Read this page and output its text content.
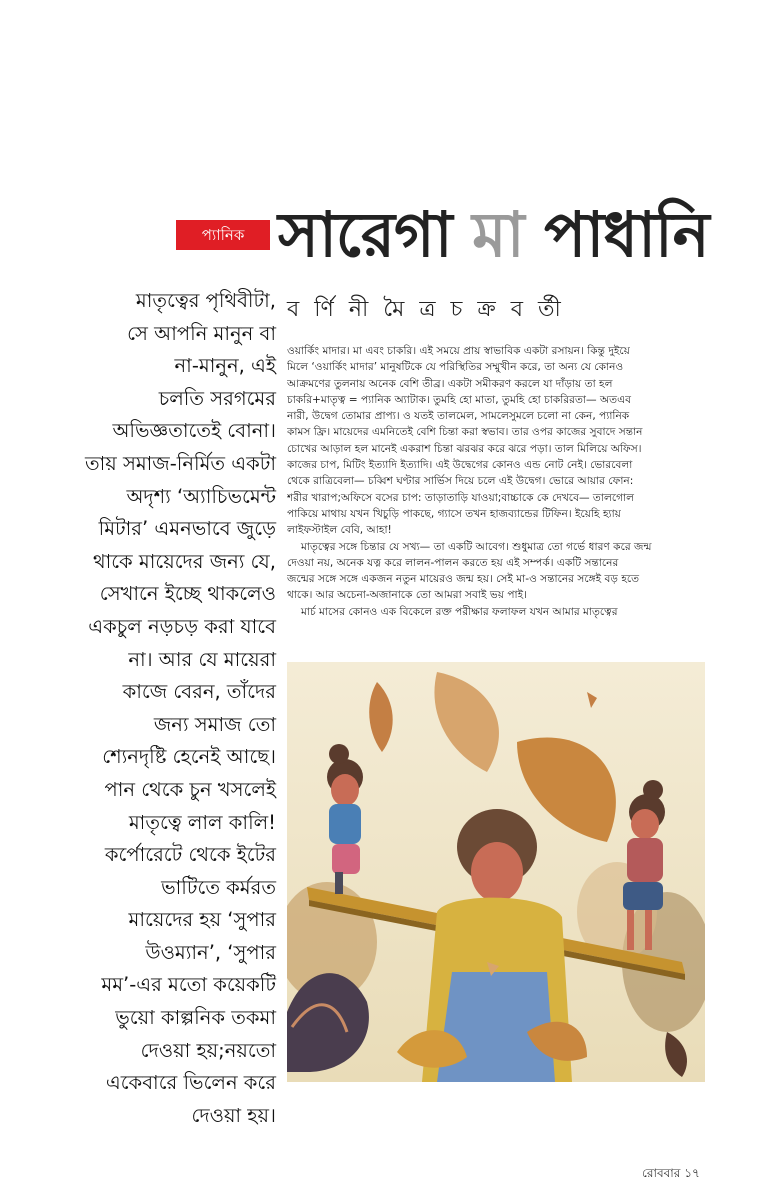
প্যানিক সারেগা মা পাধানি
ব র্ণি নী মৈ ত্র চ ক্র ব র্তী
মাতৃত্বের পৃথিবীটা,
সে আপনি মানুন বা
না-মানুন, এই
চলতি সরগমের
অভিজ্ঞতাতেই বোনা।
তায় সমাজ-নির্মিত একটা
অদৃশ্য ‘অ্যাচিভমেন্ট
মিটার’ এমনভাবে জুড়ে
থাকে মায়েদের জন্য যে,
সেখানে ইচ্ছে থাকলেও
একচুল নড়চড় করা যাবে
না। আর যে মায়েরা
কাজে বেরন, তাঁদের
জন্য সমাজ তো
শ্যেনদৃষ্টি হেনেই আছে।
পান থেকে চুন খসলেই
মাতৃত্বে লাল কালি!
কর্পোরেটে থেকে ইটের
ভাটিতে কর্মরত
মায়েদের হয় ‘সুপার
উওম্যান’, ‘সুপার
মম’-এর মতো কয়েকটি
ভুয়ো কাল্পনিক তকমা
দেওয়া হয়;নয়তো
একেবারে ভিলেন করে
দেওয়া হয়।
ওয়ার্কিং মাদার। মা এবং চাকরি। এই সময়ে প্রায় স্বাভাবিক একটা রসায়ন। কিন্তু দুইয়ে
মিলে ‘ওয়ার্কিং মাদার’ মানুষটিকে যে পরিস্থিতির সম্মুখীন করে, তা অন্য যে কোনও
আক্রমণের তুলনায় অনেক বেশি তীব্র। একটা সমীকরণ করলে যা দাঁড়ায় তা হল
চাকরি+মাতৃত্ব = প্যানিক অ্যাটাক। তুমহি হো মাতা, তুমহি হো চাকরিরতা— অতএব
নারী, উদ্বেগ তোমার প্রাপ্য। ও যতই তালমেল, সামলেসুমলে চলো না কেন, প্যানিক
কামস ফ্রি। মায়েদের এমনিতেই বেশি চিন্তা করা স্বভাব। তার ওপর কাজের সুবাদে সন্তান
চোখের আড়াল হল মানেই একরাশ চিন্তা ঝরঝর করে ঝরে পড়া। তাল মিলিয়ে অফিস।
কাজের চাপ, মিটিং ইত্যাদি ইত্যাদি। এই উদ্বেগের কোনও এন্ড নোট নেই। ভোরবেলা
থেকে রাত্রিবেলা— চব্বিশ ঘণ্টার সার্ভিস দিয়ে চলে এই উদ্বেগ। ভোরে আয়ার ফোন:
শরীর খারাপ;অফিসে বসের চাপ: তাড়াতাড়ি যাওয়া;বাচ্চাকে কে দেখবে— তালগোল
পাকিয়ে মাথায় যখন খিচুড়ি পাকছে, গ্যাসে তখন হাজব্যান্ডের টিফিন। ইয়েহি হ্যায়
লাইফস্টাইল বেবি, আহা!
মাতৃত্বের সঙ্গে চিন্তার যে সখ্য— তা একটি আবেগ। শুধুমাত্র তো গর্ভে ধারণ করে জন্ম
দেওয়া নয়, অনেক যত্ন করে লালন-পালন করতে হয় এই সম্পর্ক। একটি সন্তানের
জন্মের সঙ্গে সঙ্গে একজন নতুন মায়েরও জন্ম হয়। সেই মা-ও সন্তানের সঙ্গেই বড় হতে
থাকে। আর অচেনা-অজানাকে তো আমরা সবাই ভয় পাই।
মার্চ মাসের কোনও এক বিকেলে রক্ত পরীক্ষার ফলাফল যখন আমার মাতৃত্বের
রোববার ১৭
